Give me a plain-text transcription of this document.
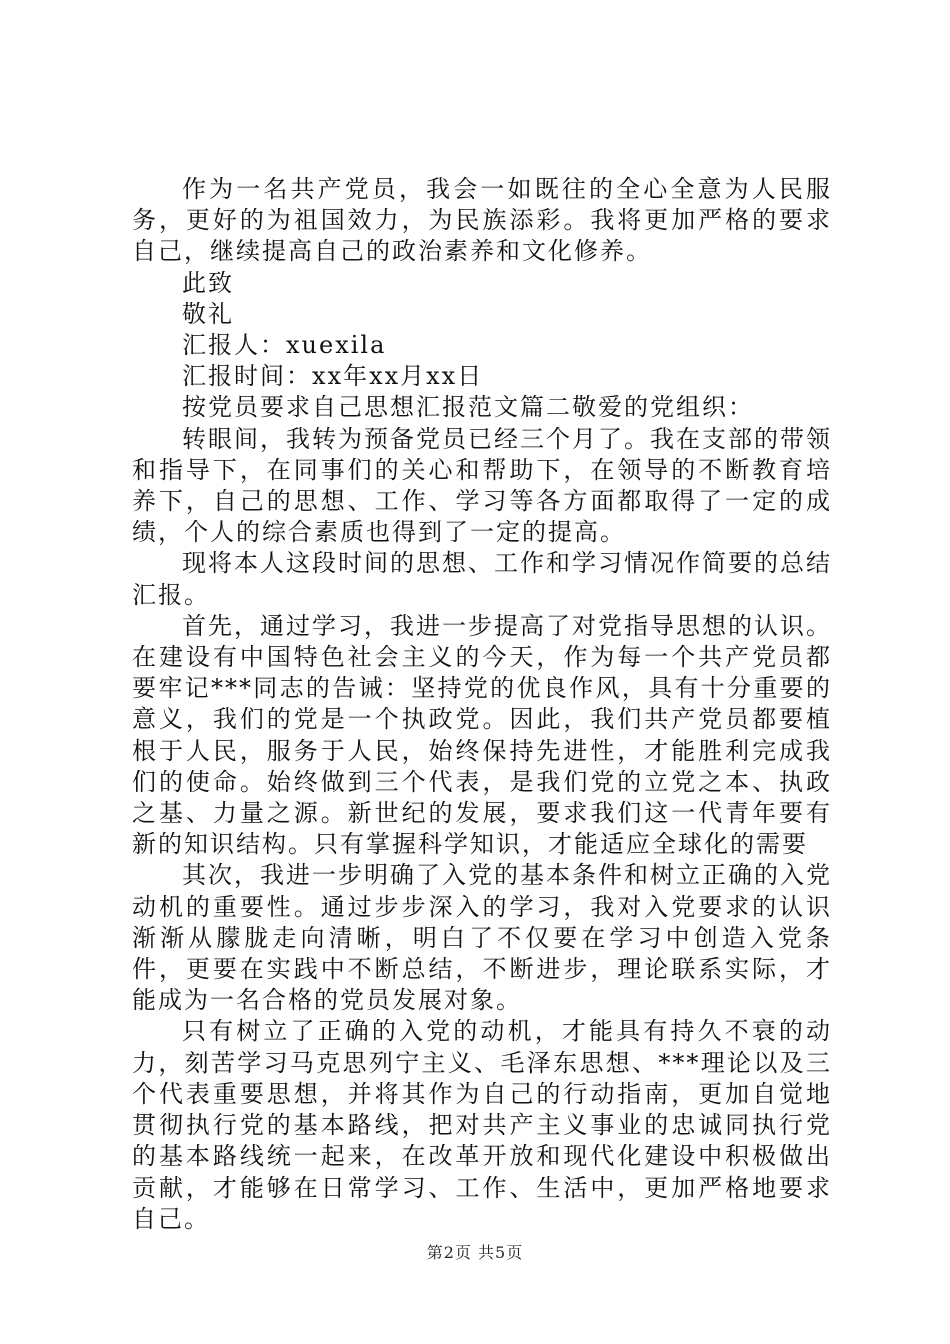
作为一名共产党员，我会一如既往的全心全意为人民服务，更好的为祖国效力，为民族添彩。我将更加严格的要求自己，继续提高自己的政治素养和文化修养。

此致

敬礼

汇报人：xuexila

汇报时间：xx年xx月xx日

按党员要求自己思想汇报范文篇二敬爱的党组织：

转眼间，我转为预备党员已经三个月了。我在支部的带领和指导下，在同事们的关心和帮助下，在领导的不断教育培养下，自己的思想、工作、学习等各方面都取得了一定的成绩，个人的综合素质也得到了一定的提高。

现将本人这段时间的思想、工作和学习情况作简要的总结汇报。

首先，通过学习，我进一步提高了对党指导思想的认识。在建设有中国特色社会主义的今天，作为每一个共产党员都要牢记***同志的告诫：坚持党的优良作风，具有十分重要的意义，我们的党是一个执政党。因此，我们共产党员都要植根于人民，服务于人民，始终保持先进性，才能胜利完成我们的使命。始终做到三个代表，是我们党的立党之本、执政之基、力量之源。新世纪的发展，要求我们这一代青年要有新的知识结构。只有掌握科学知识，才能适应全球化的需要

其次，我进一步明确了入党的基本条件和树立正确的入党动机的重要性。通过步步深入的学习，我对入党要求的认识渐渐从朦胧走向清晰，明白了不仅要在学习中创造入党条件，更要在实践中不断总结，不断进步，理论联系实际，才能成为一名合格的党员发展对象。

只有树立了正确的入党的动机，才能具有持久不衰的动力，刻苦学习马克思列宁主义、毛泽东思想、***理论以及三个代表重要思想，并将其作为自己的行动指南，更加自觉地贯彻执行党的基本路线，把对共产主义事业的忠诚同执行党的基本路线统一起来，在改革开放和现代化建设中积极做出贡献，才能够在日常学习、工作、生活中，更加严格地要求自己。

第2页 共5页
